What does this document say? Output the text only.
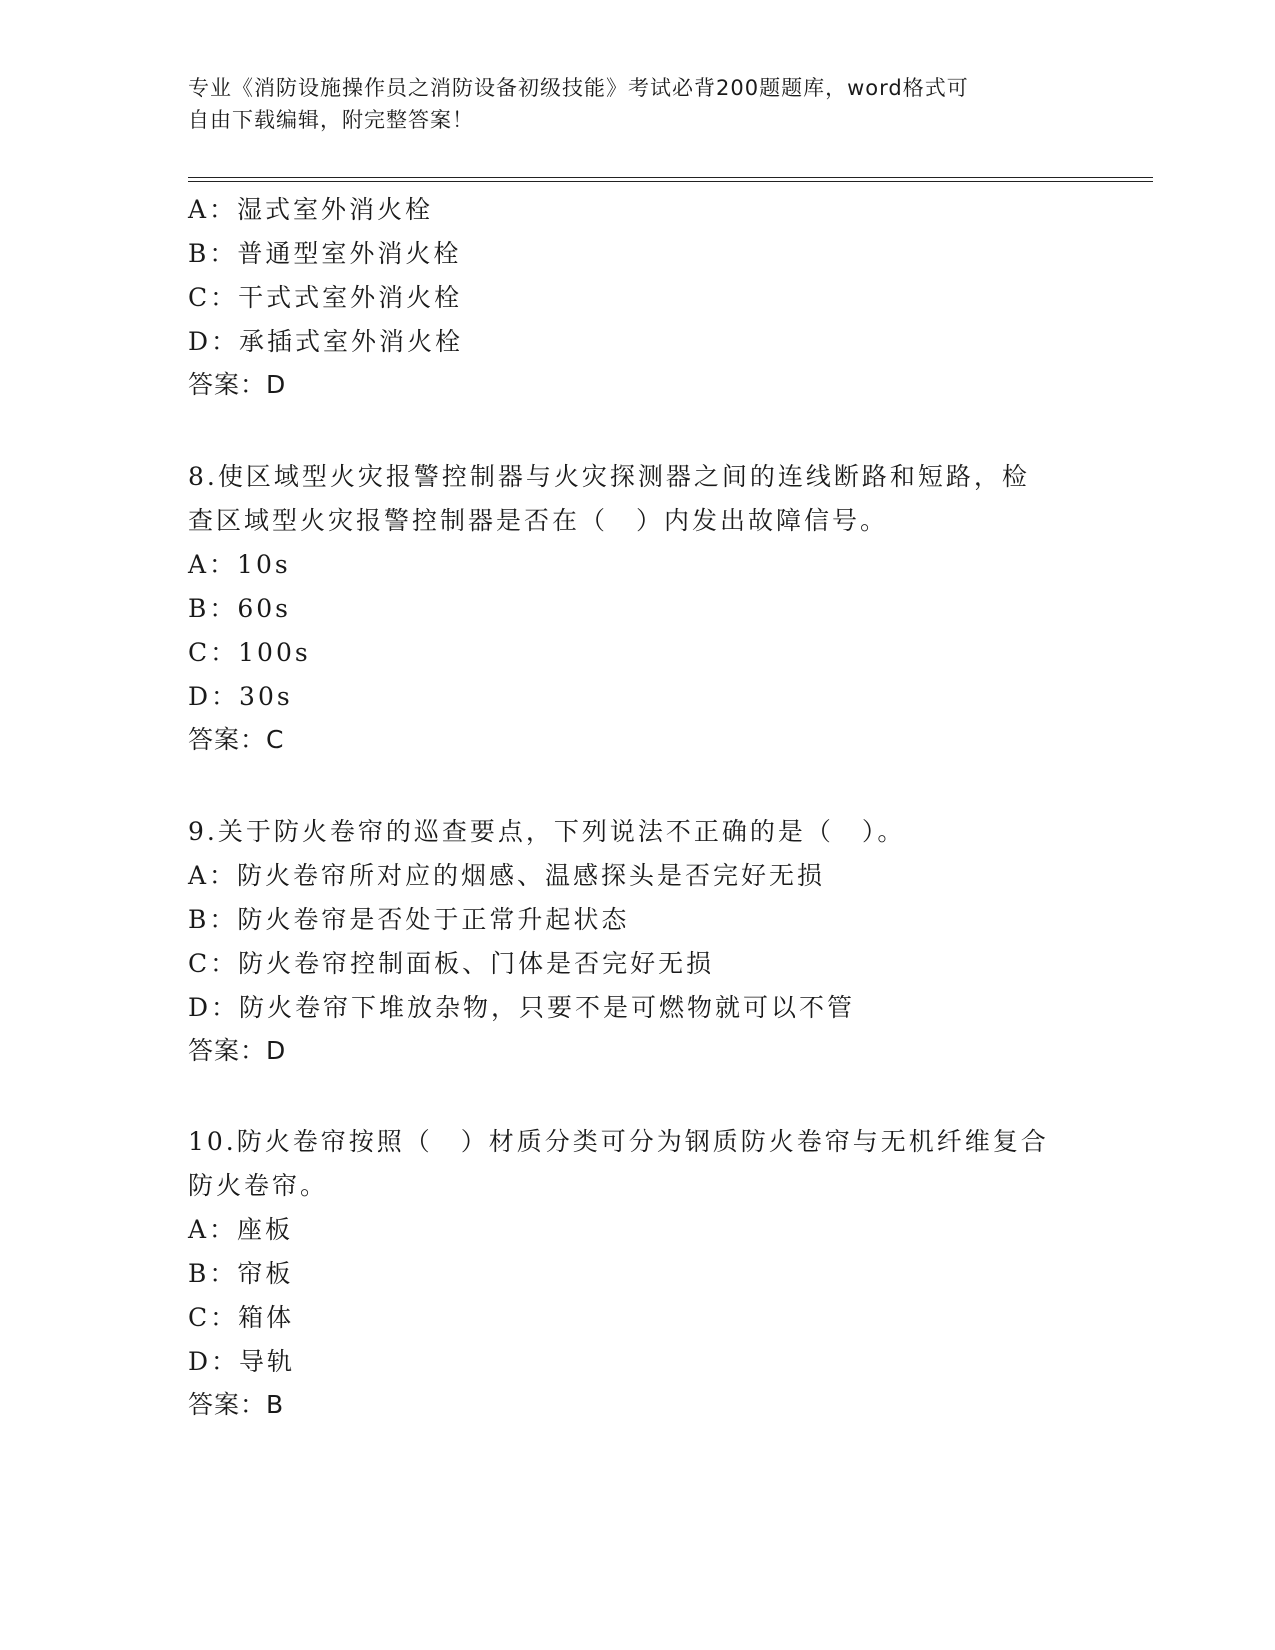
专业《消防设施操作员之消防设备初级技能》考试必背200题题库，word格式可
自由下载编辑，附完整答案！
A：湿式室外消火栓
B：普通型室外消火栓
C：干式式室外消火栓
D：承插式室外消火栓
答案：D
8.使区域型火灾报警控制器与火灾探测器之间的连线断路和短路，检
查区域型火灾报警控制器是否在（　）内发出故障信号。
A：10s
B：60s
C：100s
D：30s
答案：C
9.关于防火卷帘的巡查要点，下列说法不正确的是（　）。
A：防火卷帘所对应的烟感、温感探头是否完好无损
B：防火卷帘是否处于正常升起状态
C：防火卷帘控制面板、门体是否完好无损
D：防火卷帘下堆放杂物，只要不是可燃物就可以不管
答案：D
10.防火卷帘按照（　）材质分类可分为钢质防火卷帘与无机纤维复合
防火卷帘。
A：座板
B：帘板
C：箱体
D：导轨
答案：B
